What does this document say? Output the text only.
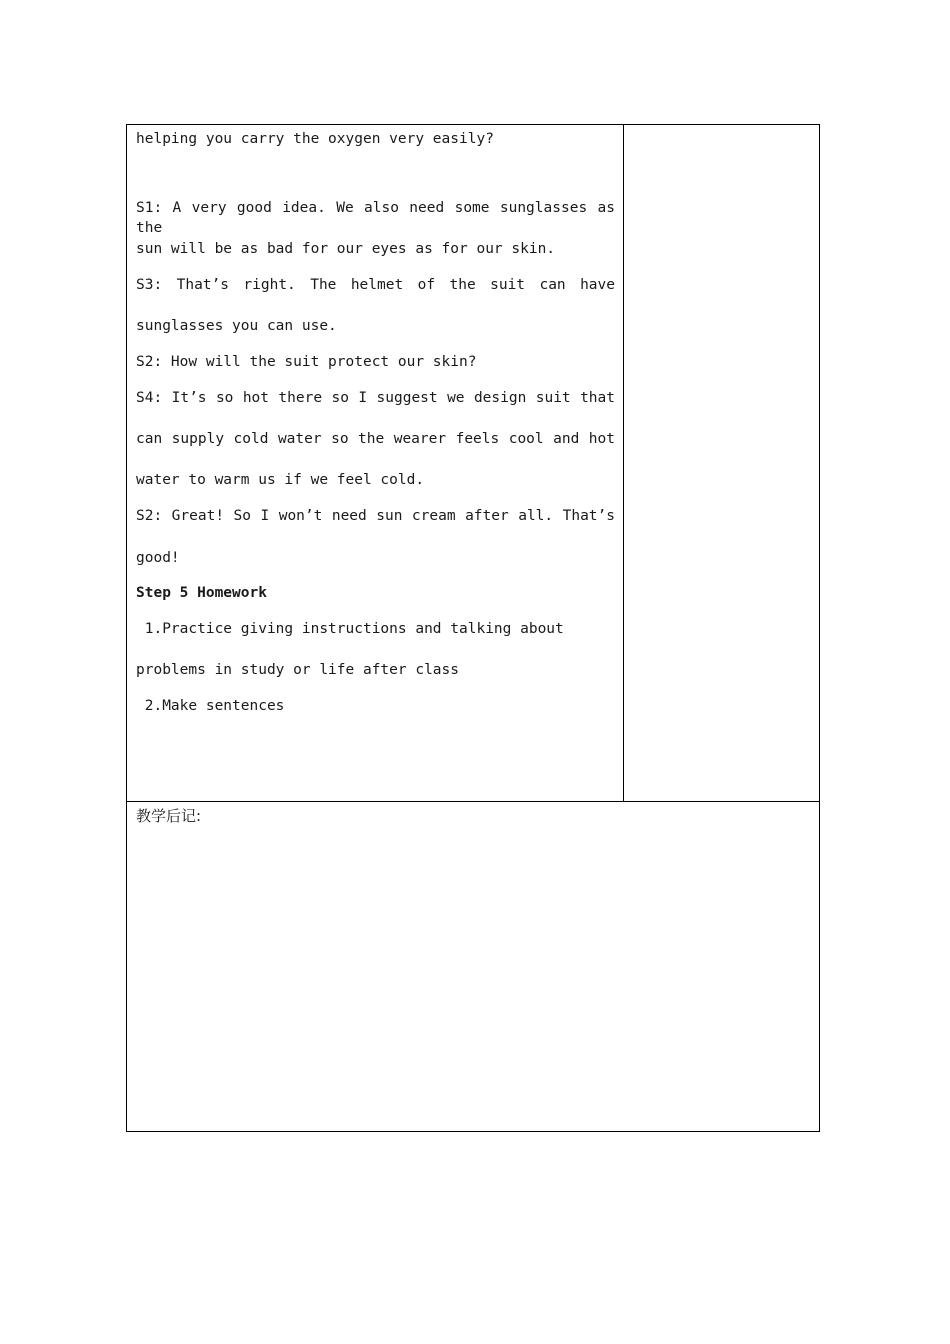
helping you carry the oxygen very easily?
S1: A very good idea. We also need some sunglasses as the
sun will be as bad for our eyes as for our skin.
S3: That’s right. The helmet of the suit can have
sunglasses you can use.
S2: How will the suit protect our skin?
S4: It’s so hot there so I suggest we design suit that
can supply cold water so the wearer feels cool and hot
water to warm us if we feel cold.
S2: Great! So I won’t need sun cream after all. That’s
good!
Step 5 Homework
1.Practice giving instructions and talking about
problems in study or life after class
2.Make sentences
教学后记:
